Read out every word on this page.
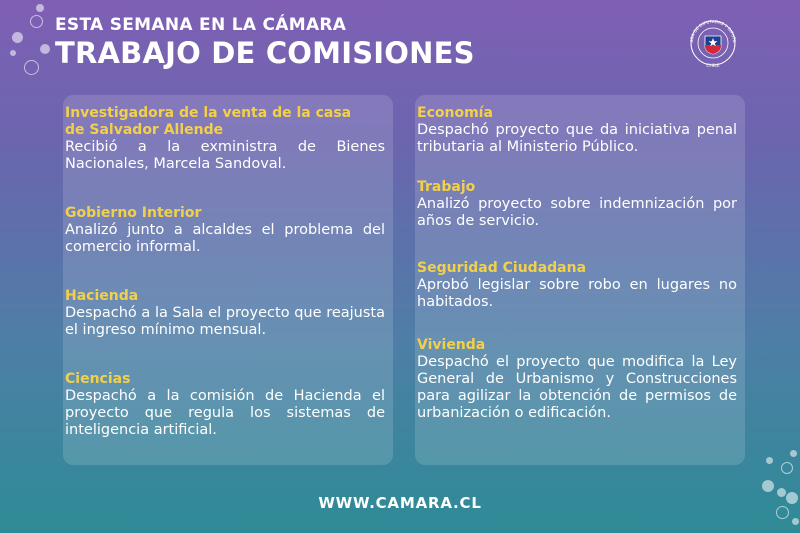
ESTA SEMANA EN LA CÁMARA
TRABAJO DE COMISIONES	ARA DE DIPUTADAS Y DIPUTA
CHILE

Investigadora de la venta de la casa
de Salvador Allende

Recibió a la exministra de Bienes Nacionales, Marcela Sandoval.

Gobierno Interior

Analizó junto a alcaldes el problema del comercio informal.

Hacienda

Despachó a la Sala el proyecto que reajusta el ingreso mínimo mensual.

Ciencias

Despachó a la comisión de Hacienda el proyecto que regula los sistemas de inteligencia artificial.

Economía

Despachó proyecto que da iniciativa penal tributaria al Ministerio Público.

Trabajo

Analizó proyecto sobre indemnización por años de servicio.

Seguridad Ciudadana

Aprobó legislar sobre robo en lugares no habitados.

Vivienda

Despachó el proyecto que modifica la Ley General de Urbanismo y Construcciones para agilizar la obtención de permisos de urbanización o edificación.

WWW.CAMARA.CL
